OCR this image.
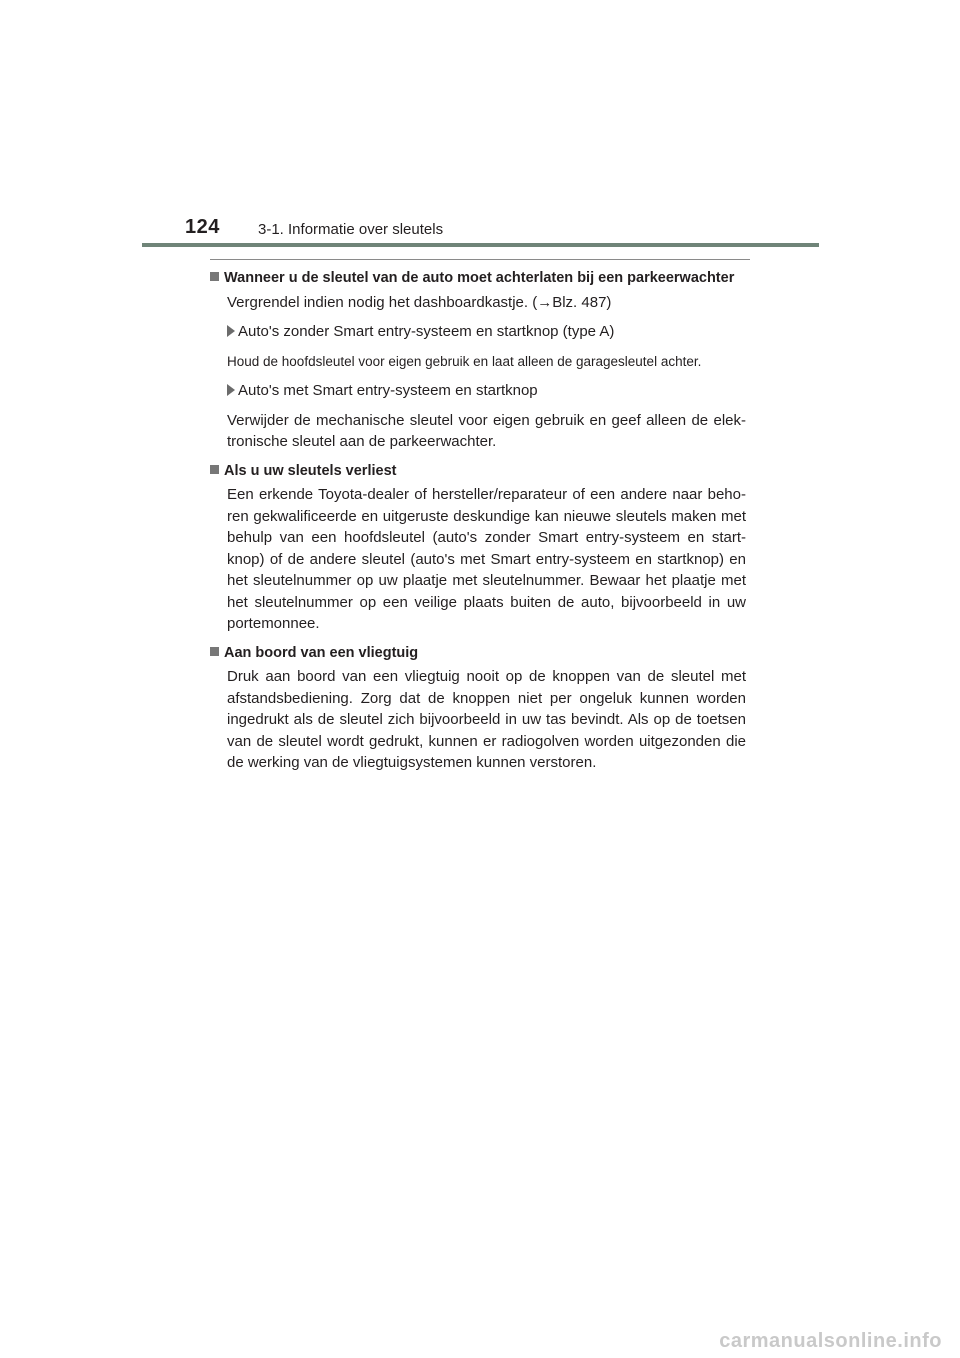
124	3-1. Informatie over sleutels
Wanneer u de sleutel van de auto moet achterlaten bij een parkeerwachter

Vergrendel indien nodig het dashboardkastje. (→Blz. 487)

Auto's zonder Smart entry-systeem en startknop (type A)

Houd de hoofdsleutel voor eigen gebruik en laat alleen de garagesleutel achter.

Auto's met Smart entry-systeem en startknop

Verwijder de mechanische sleutel voor eigen gebruik en geef alleen de elek-tronische sleutel aan de parkeerwachter.

Als u uw sleutels verliest

Een erkende Toyota-dealer of hersteller/reparateur of een andere naar beho-ren gekwalificeerde en uitgeruste deskundige kan nieuwe sleutels maken met behulp van een hoofdsleutel (auto's zonder Smart entry-systeem en start-knop) of de andere sleutel (auto's met Smart entry-systeem en startknop) en het sleutelnummer op uw plaatje met sleutelnummer. Bewaar het plaatje met het sleutelnummer op een veilige plaats buiten de auto, bijvoorbeeld in uw portemonnee.

Aan boord van een vliegtuig

Druk aan boord van een vliegtuig nooit op de knoppen van de sleutel met afstandsbediening. Zorg dat de knoppen niet per ongeluk kunnen worden ingedrukt als de sleutel zich bijvoorbeeld in uw tas bevindt. Als op de toetsen van de sleutel wordt gedrukt, kunnen er radiogolven worden uitgezonden die de werking van de vliegtuigsystemen kunnen verstoren.

carmanualsonline.info
